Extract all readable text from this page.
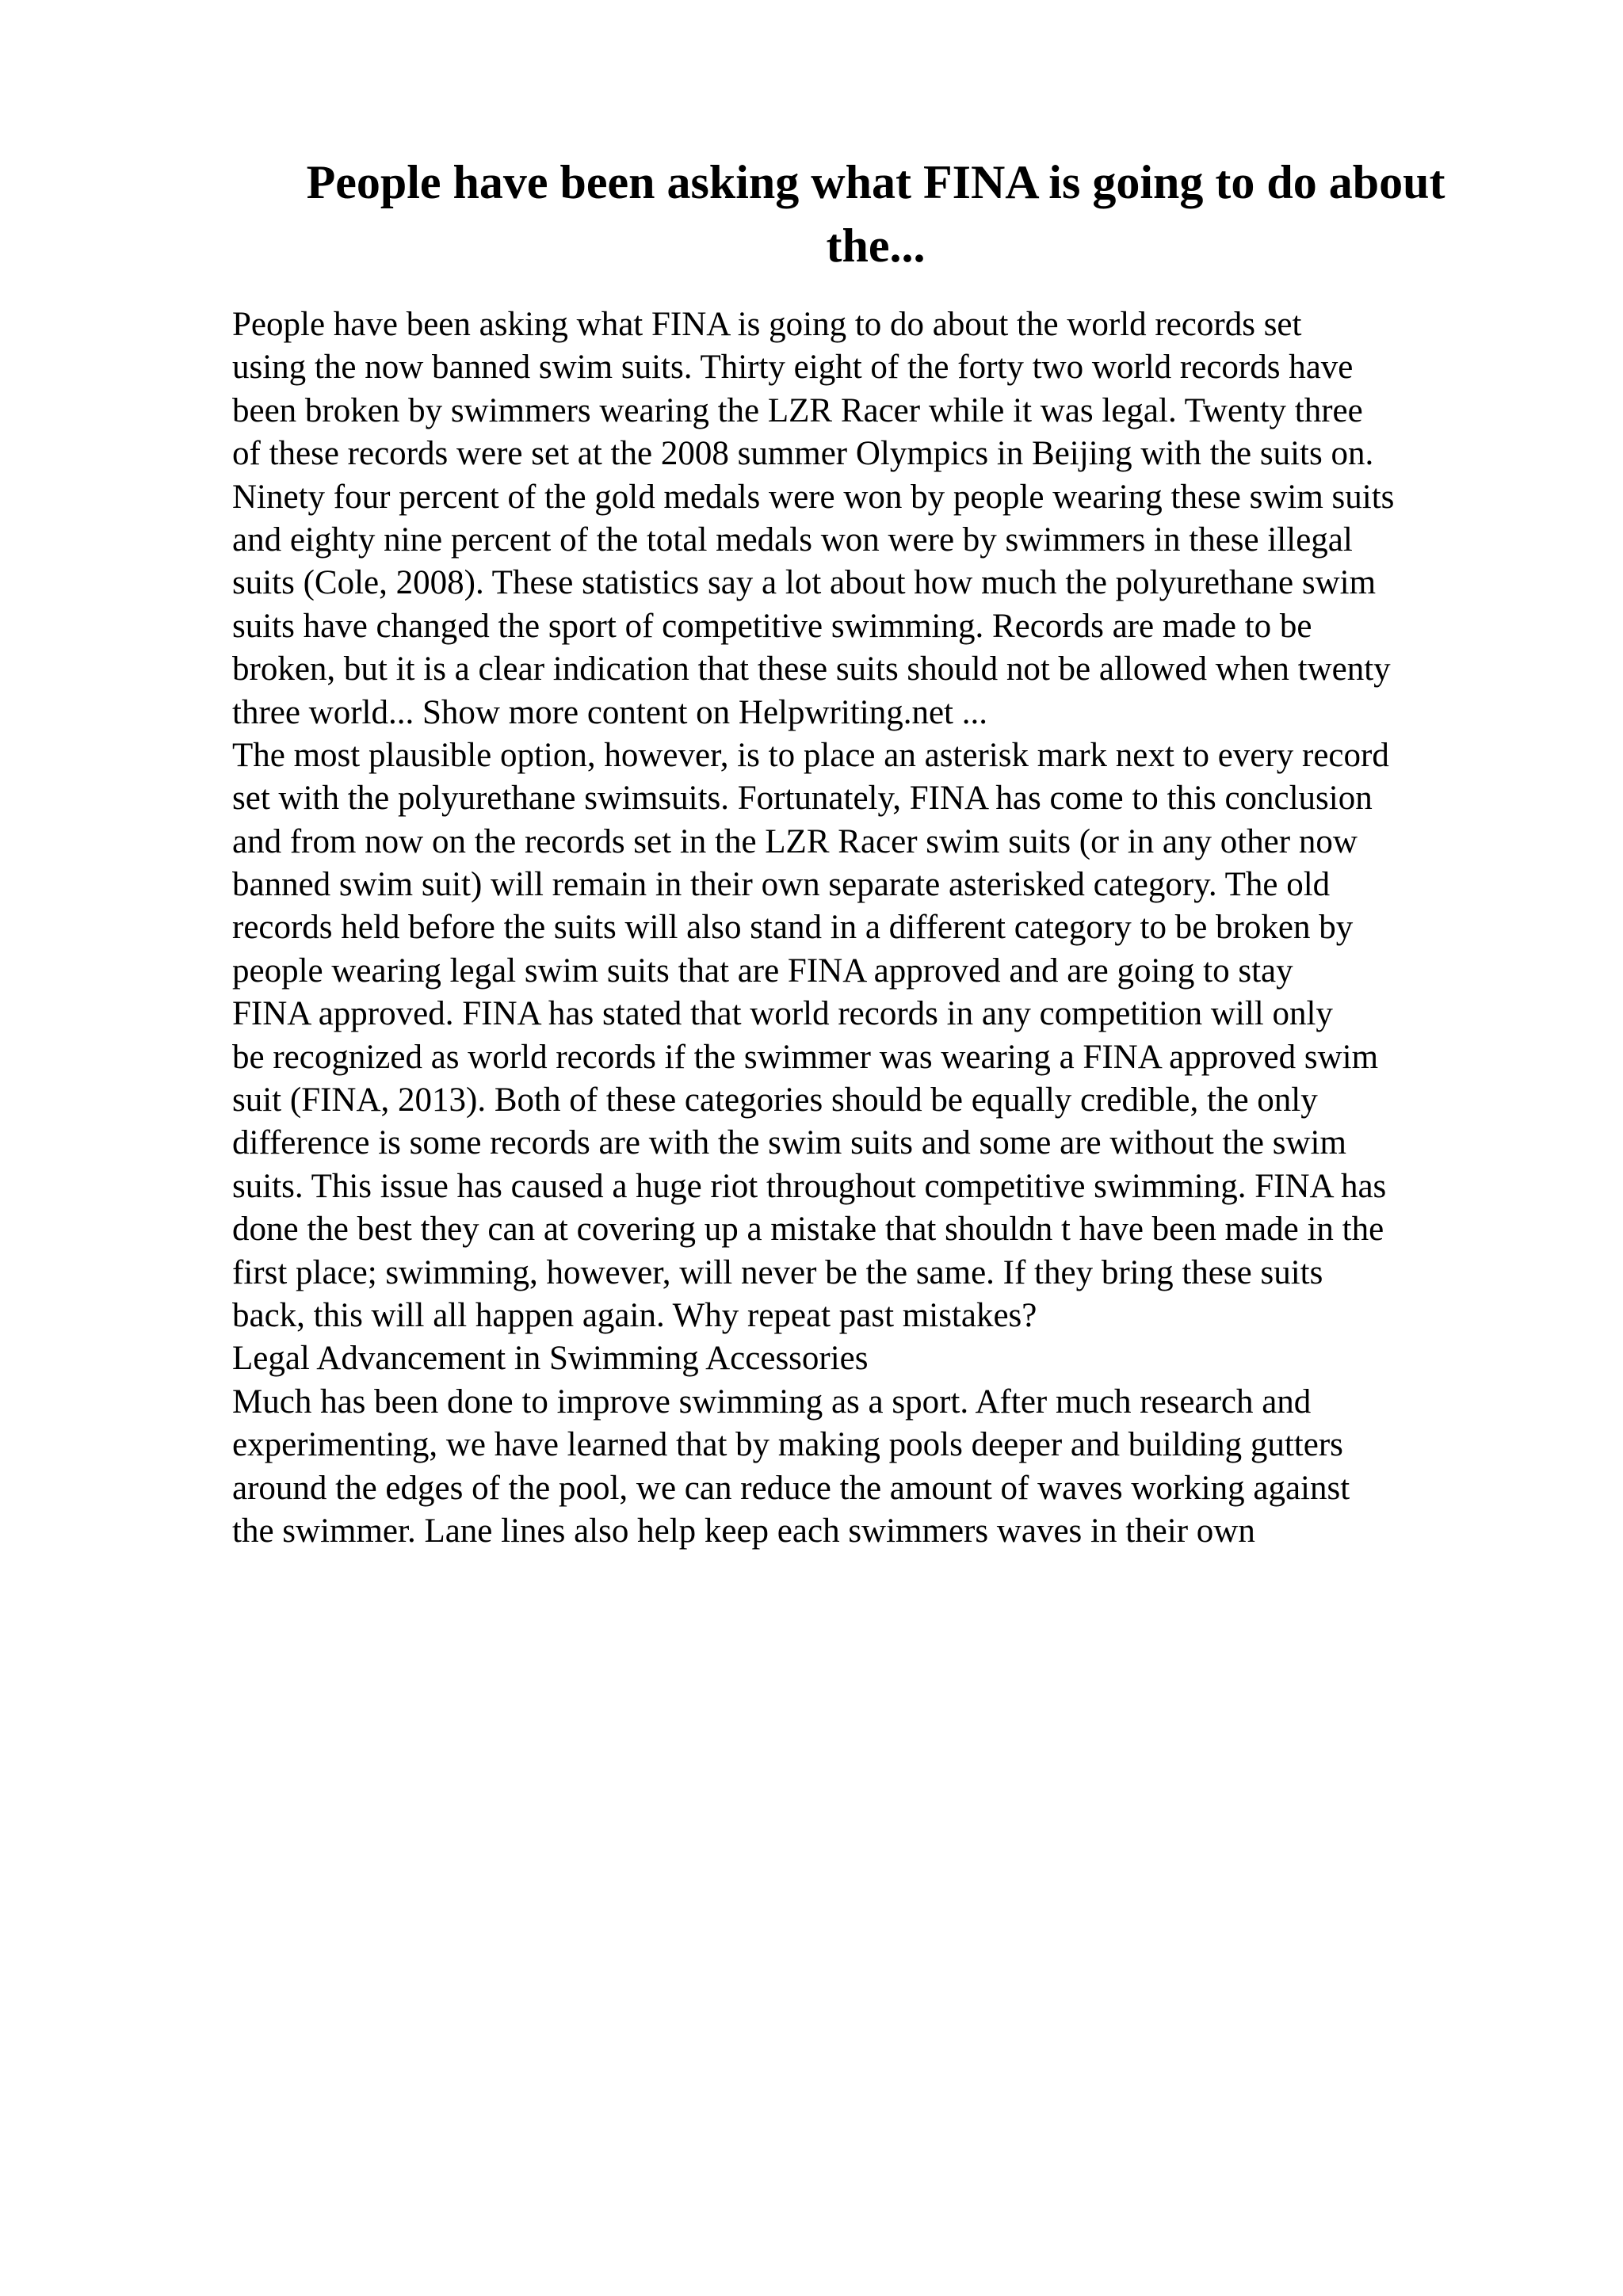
People have been asking what FINA is going to do about
the...
People have been asking what FINA is going to do about the world records set
using the now banned swim suits. Thirty eight of the forty two world records have
been broken by swimmers wearing the LZR Racer while it was legal. Twenty three
of these records were set at the 2008 summer Olympics in Beijing with the suits on.
Ninety four percent of the gold medals were won by people wearing these swim suits
and eighty nine percent of the total medals won were by swimmers in these illegal
suits (Cole, 2008). These statistics say a lot about how much the polyurethane swim
suits have changed the sport of competitive swimming. Records are made to be
broken, but it is a clear indication that these suits should not be allowed when twenty
three world... Show more content on Helpwriting.net ...
The most plausible option, however, is to place an asterisk mark next to every record
set with the polyurethane swimsuits. Fortunately, FINA has come to this conclusion
and from now on the records set in the LZR Racer swim suits (or in any other now
banned swim suit) will remain in their own separate asterisked category. The old
records held before the suits will also stand in a different category to be broken by
people wearing legal swim suits that are FINA approved and are going to stay
FINA approved. FINA has stated that world records in any competition will only
be recognized as world records if the swimmer was wearing a FINA approved swim
suit (FINA, 2013). Both of these categories should be equally credible, the only
difference is some records are with the swim suits and some are without the swim
suits. This issue has caused a huge riot throughout competitive swimming. FINA has
done the best they can at covering up a mistake that shouldn t have been made in the
first place; swimming, however, will never be the same. If they bring these suits
back, this will all happen again. Why repeat past mistakes?
Legal Advancement in Swimming Accessories
Much has been done to improve swimming as a sport. After much research and
experimenting, we have learned that by making pools deeper and building gutters
around the edges of the pool, we can reduce the amount of waves working against
the swimmer. Lane lines also help keep each swimmers waves in their own
